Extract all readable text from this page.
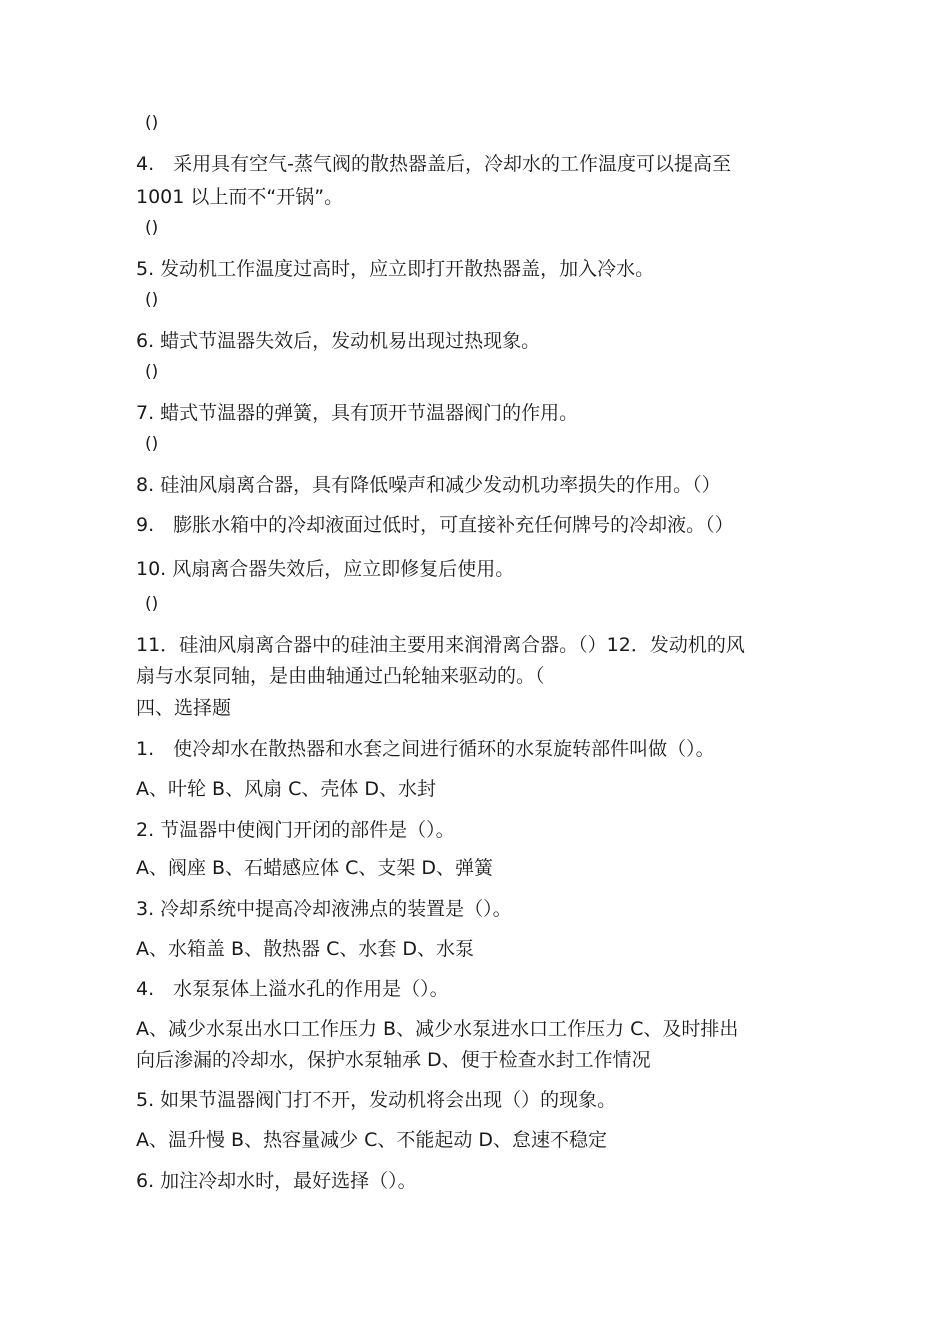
()
4.　采用具有空气-蒸气阀的散热器盖后，冷却水的工作温度可以提高至
1001 以上而不“开锅”。
()
5. 发动机工作温度过高时，应立即打开散热器盖，加入冷水。
()
6. 蜡式节温器失效后，发动机易出现过热现象。
()
7. 蜡式节温器的弹簧，具有顶开节温器阀门的作用。
()
8. 硅油风扇离合器，具有降低噪声和减少发动机功率损失的作用。（）
9.　膨胀水箱中的冷却液面过低时，可直接补充任何牌号的冷却液。（）
10. 风扇离合器失效后，应立即修复后使用。
()
11．硅油风扇离合器中的硅油主要用来润滑离合器。（）12．发动机的风
扇与水泵同轴，是由曲轴通过凸轮轴来驱动的。（
四、选择题
1.　使冷却水在散热器和水套之间进行循环的水泵旋转部件叫做（）。
A、叶轮 B、风扇 C、壳体 D、水封
2. 节温器中使阀门开闭的部件是（）。
A、阀座 B、石蜡感应体 C、支架 D、弹簧
3. 冷却系统中提高冷却液沸点的装置是（）。
A、水箱盖 B、散热器 C、水套 D、水泵
4.　水泵泵体上溢水孔的作用是（）。
A、减少水泵出水口工作压力 B、减少水泵进水口工作压力 C、及时排出
向后渗漏的冷却水，保护水泵轴承 D、便于检查水封工作情况
5. 如果节温器阀门打不开，发动机将会出现（）的现象。
A、温升慢 B、热容量减少 C、不能起动 D、怠速不稳定
6. 加注冷却水时，最好选择（）。
